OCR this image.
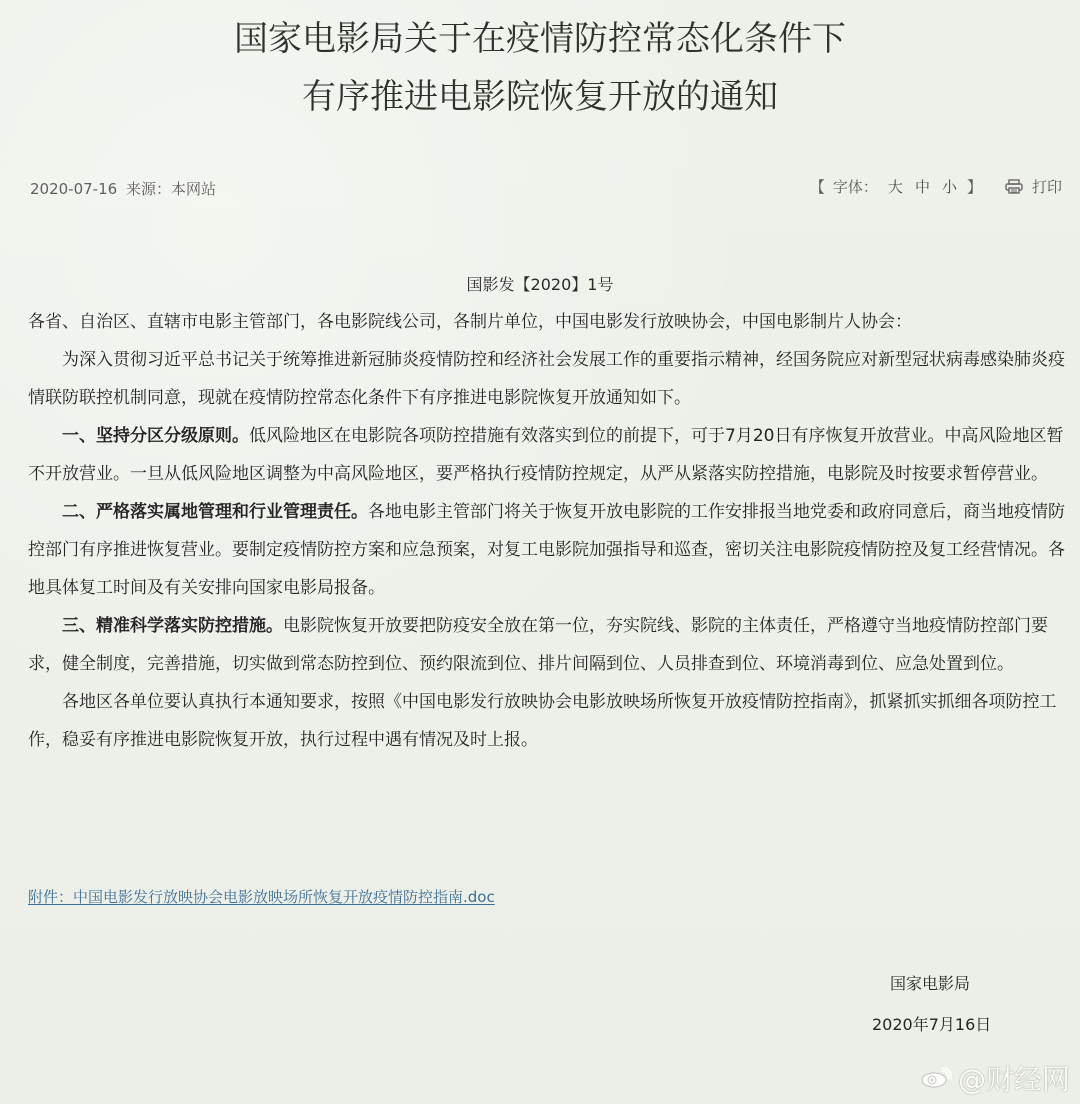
国家电影局关于在疫情防控常态化条件下
有序推进电影院恢复开放的通知
2020-07-16 来源：本网站	【 字体： 大 中 小 】	打印
国影发【2020】1号

各省、自治区、直辖市电影主管部门，各电影院线公司，各制片单位，中国电影发行放映协会，中国电影制片人协会：

为深入贯彻习近平总书记关于统筹推进新冠肺炎疫情防控和经济社会发展工作的重要指示精神，经国务院应对新型冠状病毒感染肺炎疫情联防联控机制同意，现就在疫情防控常态化条件下有序推进电影院恢复开放通知如下。

一、坚持分区分级原则。低风险地区在电影院各项防控措施有效落实到位的前提下，可于7月20日有序恢复开放营业。中高风险地区暂不开放营业。一旦从低风险地区调整为中高风险地区，要严格执行疫情防控规定，从严从紧落实防控措施，电影院及时按要求暂停营业。

二、严格落实属地管理和行业管理责任。各地电影主管部门将关于恢复开放电影院的工作安排报当地党委和政府同意后，商当地疫情防控部门有序推进恢复营业。要制定疫情防控方案和应急预案，对复工电影院加强指导和巡查，密切关注电影院疫情防控及复工经营情况。各地具体复工时间及有关安排向国家电影局报备。

三、精准科学落实防控措施。电影院恢复开放要把防疫安全放在第一位，夯实院线、影院的主体责任，严格遵守当地疫情防控部门要求，健全制度，完善措施，切实做到常态防控到位、预约限流到位、排片间隔到位、人员排查到位、环境消毒到位、应急处置到位。

各地区各单位要认真执行本通知要求，按照《中国电影发行放映协会电影放映场所恢复开放疫情防控指南》，抓紧抓实抓细各项防控工作，稳妥有序推进电影院恢复开放，执行过程中遇有情况及时上报。

附件：中国电影发行放映协会电影放映场所恢复开放疫情防控指南.doc
国家电影局
2020年7月16日
@财经网
